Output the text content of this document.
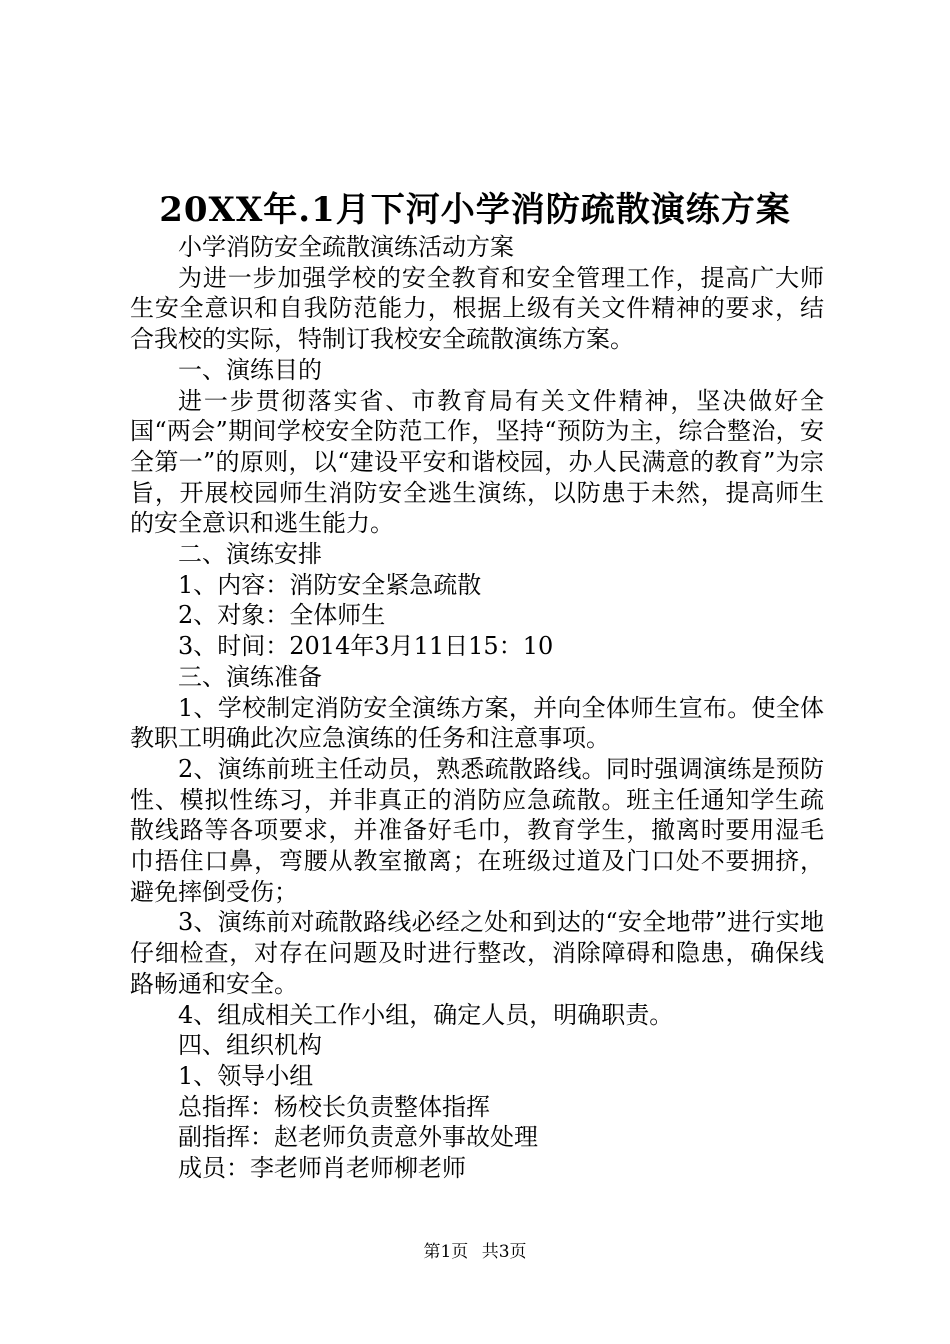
20XX年.1月下河小学消防疏散演练方案

小学消防安全疏散演练活动方案

为进一步加强学校的安全教育和安全管理工作，提高广大师生安全意识和自我防范能力，根据上级有关文件精神的要求，结合我校的实际，特制订我校安全疏散演练方案。

一、演练目的

进一步贯彻落实省、市教育局有关文件精神，坚决做好全国“两会”期间学校安全防范工作，坚持“预防为主，综合整治，安全第一”的原则，以“建设平安和谐校园，办人民满意的教育”为宗旨，开展校园师生消防安全逃生演练，以防患于未然，提高师生的安全意识和逃生能力。

二、演练安排

1、内容：消防安全紧急疏散

2、对象：全体师生

3、时间：2014年3月11日15：10

三、演练准备

1、学校制定消防安全演练方案，并向全体师生宣布。使全体教职工明确此次应急演练的任务和注意事项。

2、演练前班主任动员，熟悉疏散路线。同时强调演练是预防性、模拟性练习，并非真正的消防应急疏散。班主任通知学生疏散线路等各项要求，并准备好毛巾，教育学生，撤离时要用湿毛巾捂住口鼻，弯腰从教室撤离；在班级过道及门口处不要拥挤，避免摔倒受伤；

3、演练前对疏散路线必经之处和到达的“安全地带”进行实地仔细检查，对存在问题及时进行整改，消除障碍和隐患，确保线路畅通和安全。

4、组成相关工作小组，确定人员，明确职责。

四、组织机构

1、领导小组

总指挥：杨校长负责整体指挥

副指挥：赵老师负责意外事故处理

成员：李老师肖老师柳老师

第1页 共3页
